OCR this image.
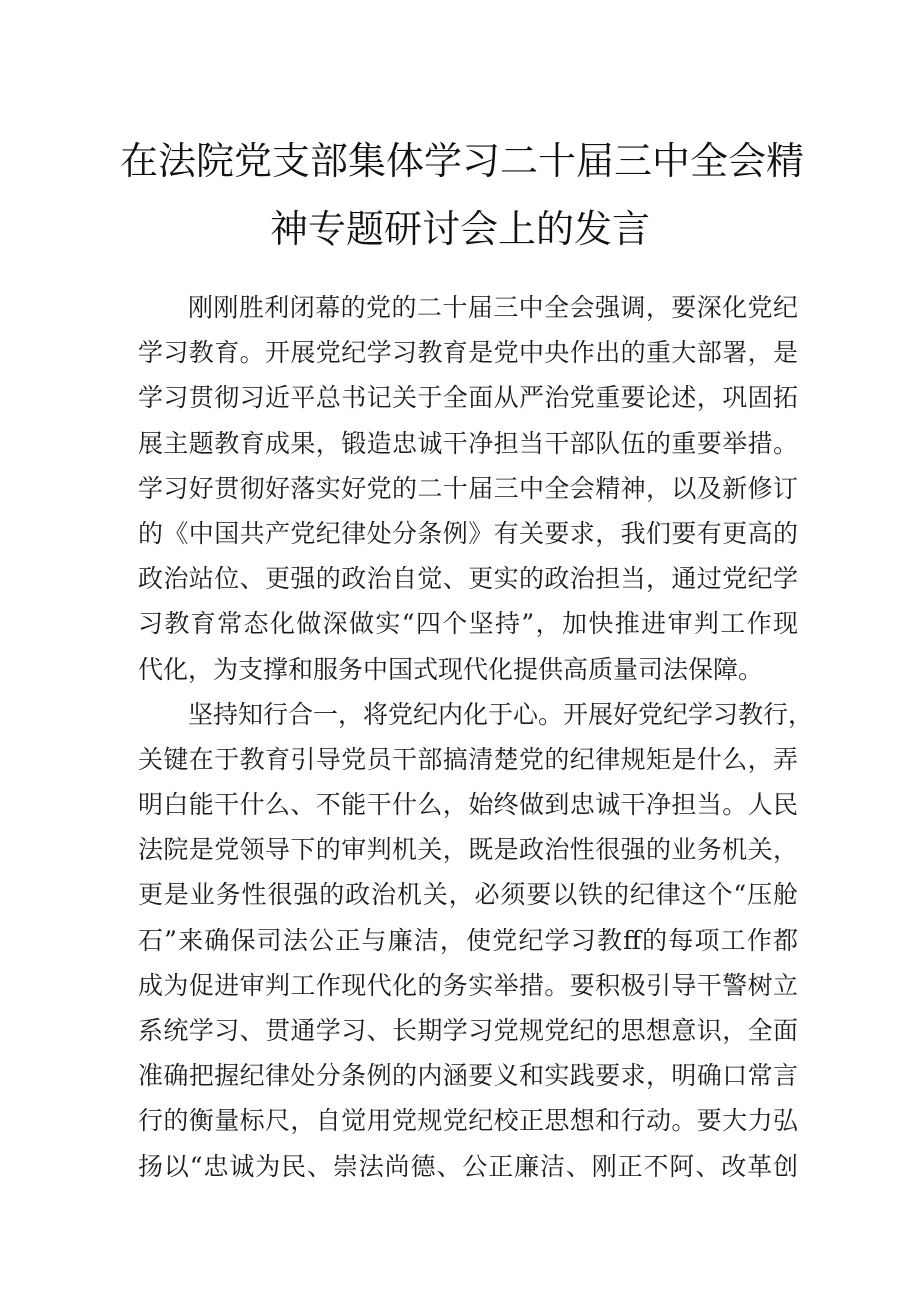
在法院党支部集体学习二十届三中全会精
神专题研讨会上的发言
刚刚胜利闭幕的党的二十届三中全会强调，要深化党纪
学习教育。开展党纪学习教育是党中央作出的重大部署，是
学习贯彻习近平总书记关于全面从严治党重要论述，巩固拓
展主题教育成果，锻造忠诚干净担当干部队伍的重要举措。
学习好贯彻好落实好党的二十届三中全会精神，以及新修订
的《中国共产党纪律处分条例》有关要求，我们要有更高的
政治站位、更强的政治自觉、更实的政治担当，通过党纪学
习教育常态化做深做实“四个坚持”，加快推进审判工作现
代化，为支撑和服务中国式现代化提供高质量司法保障。
坚持知行合一，将党纪内化于心。开展好党纪学习教行，
关键在于教育引导党员干部搞清楚党的纪律规矩是什么，弄
明白能干什么、不能干什么，始终做到忠诚干净担当。人民
法院是党领导下的审判机关，既是政治性很强的业务机关，
更是业务性很强的政治机关，必须要以铁的纪律这个“压舱
石”来确保司法公正与廉洁，使党纪学习教ff的每项工作都
成为促进审判工作现代化的务实举措。要积极引导干警树立
系统学习、贯通学习、长期学习党规党纪的思想意识，全面
准确把握纪律处分条例的内涵要义和实践要求，明确口常言
行的衡量标尺，自觉用党规党纪校正思想和行动。要大力弘
扬以“忠诚为民、崇法尚德、公正廉洁、刚正不阿、改革创
